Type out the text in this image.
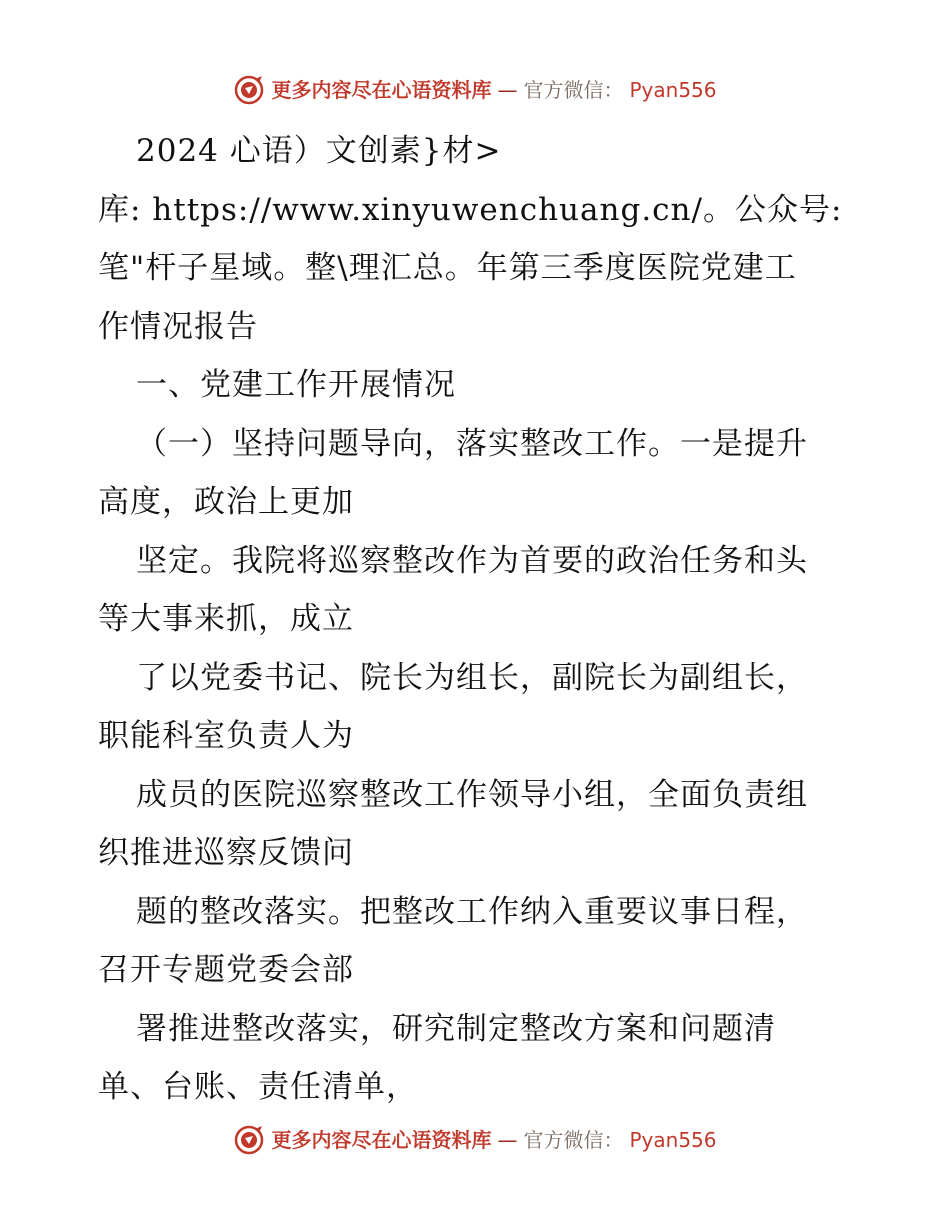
更多内容尽在心语资料库 — 官方微信： Pyan556
2024 心语）文创素}材>
库: https://www.xinyuwenchuang.cn/。公众号:
笔"杆子星域。整\理汇总。年第三季度医院党建工
作情况报告
一、党建工作开展情况
（一）坚持问题导向，落实整改工作。一是提升
高度，政治上更加
坚定。我院将巡察整改作为首要的政治任务和头
等大事来抓，成立
了以党委书记、院长为组长，副院长为副组长，
职能科室负责人为
成员的医院巡察整改工作领导小组，全面负责组
织推进巡察反馈问
题的整改落实。把整改工作纳入重要议事日程，
召开专题党委会部
署推进整改落实，研究制定整改方案和问题清
单、台账、责任清单，
更多内容尽在心语资料库 — 官方微信： Pyan556
